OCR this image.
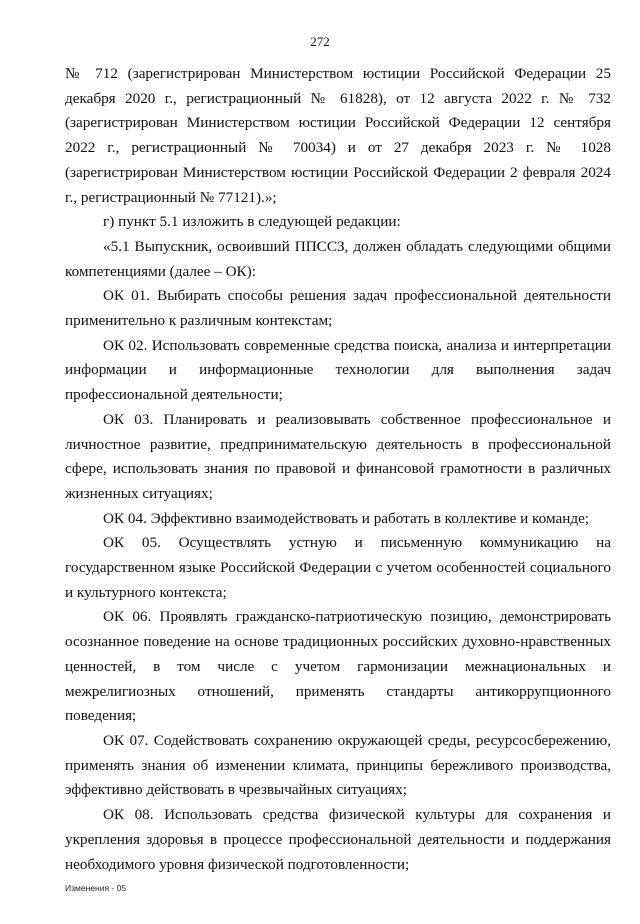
272

№ 712 (зарегистрирован Министерством юстиции Российской Федерации 25 декабря 2020 г., регистрационный № 61828), от 12 августа 2022 г. № 732 (зарегистрирован Министерством юстиции Российской Федерации 12 сентября 2022 г., регистрационный № 70034) и от 27 декабря 2023 г. № 1028 (зарегистрирован Министерством юстиции Российской Федерации 2 февраля 2024 г., регистрационный № 77121).»;

г) пункт 5.1 изложить в следующей редакции:

«5.1 Выпускник, освоивший ППССЗ, должен обладать следующими общими компетенциями (далее – ОК):

ОК 01. Выбирать способы решения задач профессиональной деятельности применительно к различным контекстам;

ОК 02. Использовать современные средства поиска, анализа и интерпретации информации и информационные технологии для выполнения задач профессиональной деятельности;

ОК 03. Планировать и реализовывать собственное профессиональное и личностное развитие, предпринимательскую деятельность в профессиональной сфере, использовать знания по правовой и финансовой грамотности в различных жизненных ситуациях;

ОК 04. Эффективно взаимодействовать и работать в коллективе и команде;

ОК 05. Осуществлять устную и письменную коммуникацию на государственном языке Российской Федерации с учетом особенностей социального и культурного контекста;

ОК 06. Проявлять гражданско-патриотическую позицию, демонстрировать осознанное поведение на основе традиционных российских духовно-нравственных ценностей, в том числе с учетом гармонизации межнациональных и межрелигиозных отношений, применять стандарты антикоррупционного поведения;

ОК 07. Содействовать сохранению окружающей среды, ресурсосбережению, применять знания об изменении климата, принципы бережливого производства, эффективно действовать в чрезвычайных ситуациях;

ОК 08. Использовать средства физической культуры для сохранения и укрепления здоровья в процессе профессиональной деятельности и поддержания необходимого уровня физической подготовленности;

Изменения - 05
